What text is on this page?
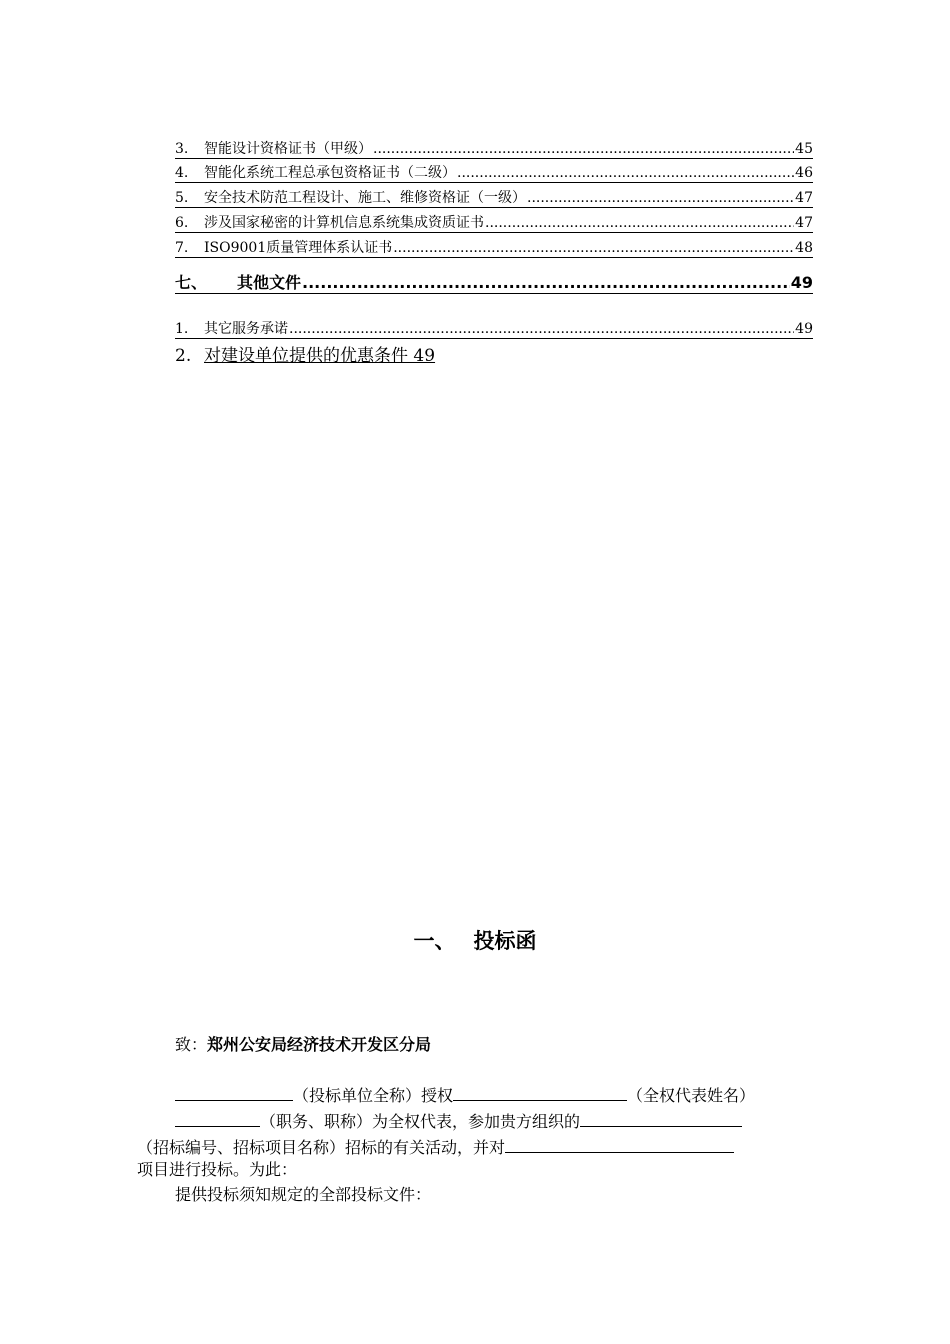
3.	智能设计资格证书（甲级） .....	45
4.	智能化系统工程总承包资格证书（二级） .....	46
5.	安全技术防范工程设计、施工、维修资格证（一级） .....	47
6.	涉及国家秘密的计算机信息系统集成资质证书 .....	47
7.	ISO9001质量管理体系认证书 .....	48
七、	其他文件 .....	49
1.	其它服务承诺 .....	49
2. 对建设单位提供的优惠条件 49
一、 投标函
致：郑州公安局经济技术开发区分局
（投标单位全称）授权	（全权代表姓名）
（职务、职称）为全权代表，参加贵方组织的
（招标编号、招标项目名称）招标的有关活动，并对
项目进行投标。为此：
提供投标须知规定的全部投标文件：
